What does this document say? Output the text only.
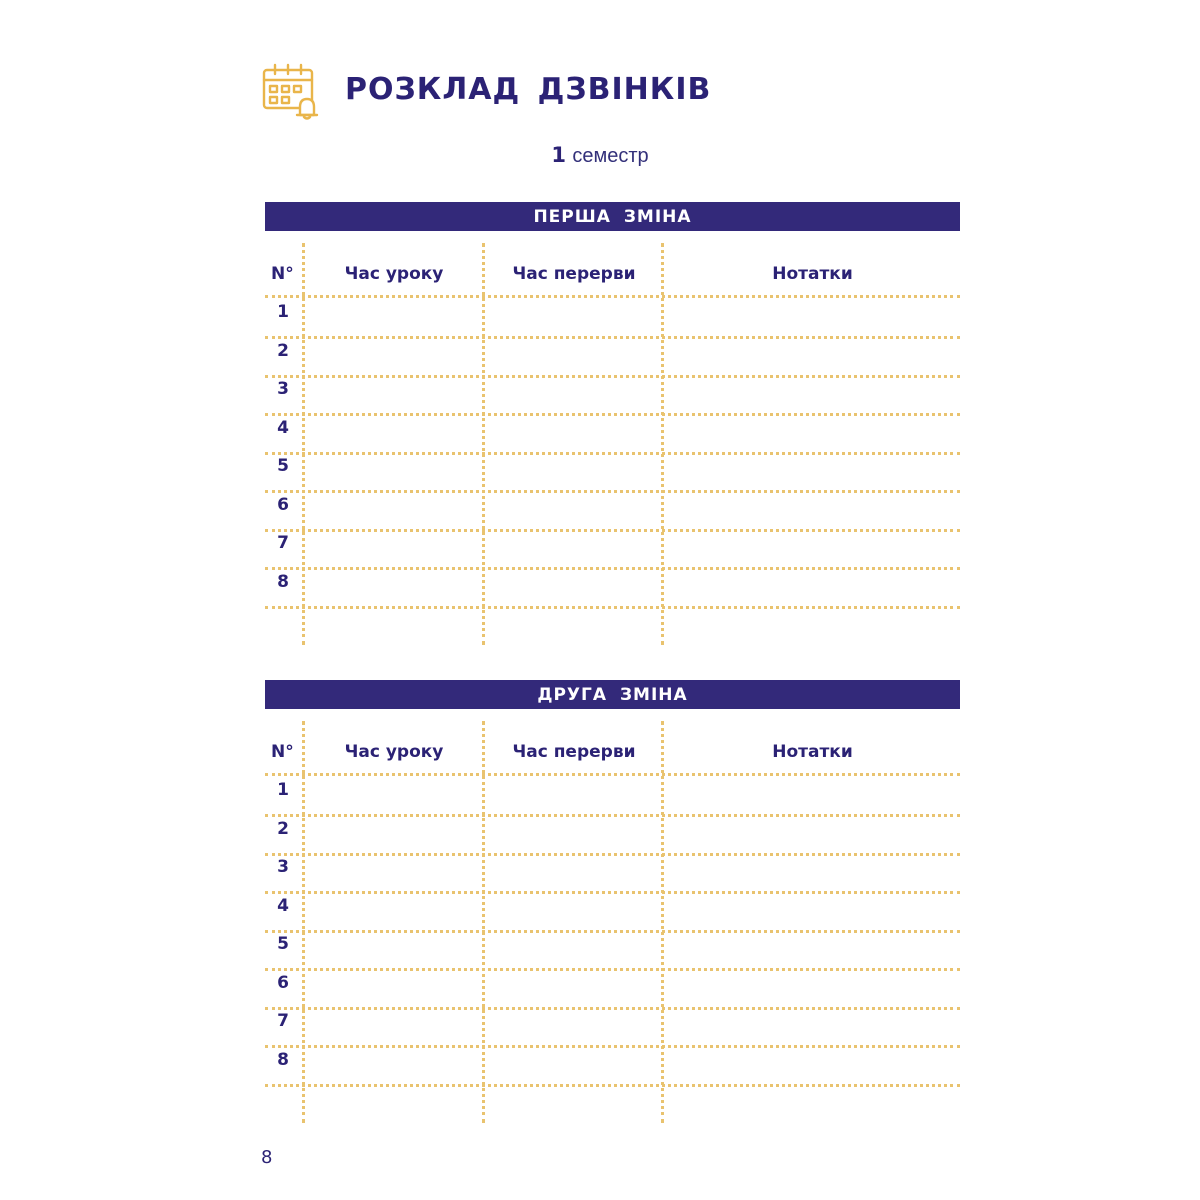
РОЗКЛАД ДЗВІНКІВ
1 семестр
ПЕРША ЗМІНА
N°	Час уроку	Час перерви	Нотатки
1
2
3
4
5
6
7
8
ДРУГА ЗМІНА
N°	Час уроку	Час перерви	Нотатки
1
2
3
4
5
6
7
8
8
